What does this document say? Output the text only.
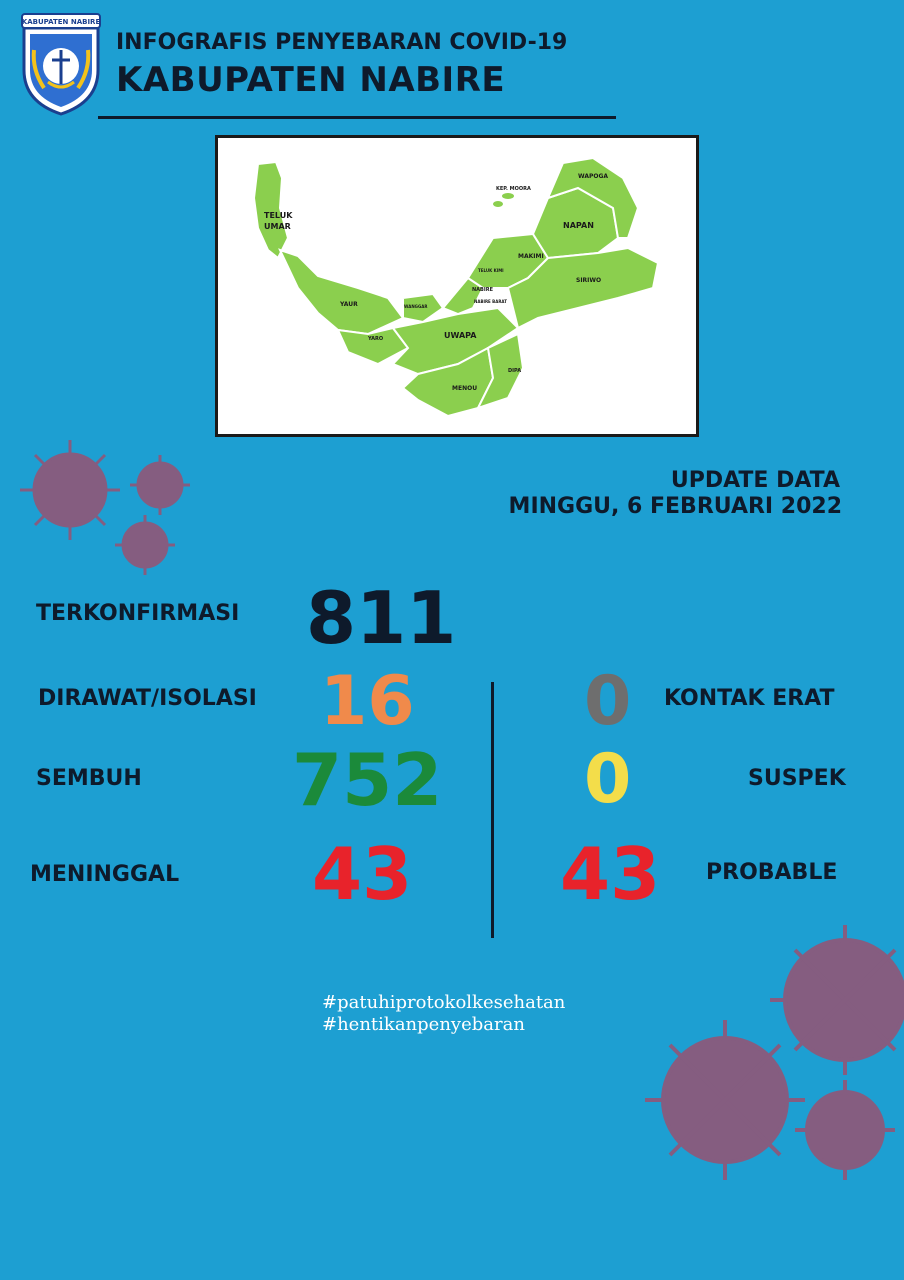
KABUPATEN NABIRE
INFOGRAFIS PENYEBARAN COVID-19
KABUPATEN NABIRE
KEP. MOORA
WAPOGA
TELUK
UMAR	NAPAN
MAKIMI
SIRIWO
TELUK KIMI
NABIRE
NABIRE BARAT
WANGGAR
YAUR
YARO	UWAPA
DIPA
MENOU
UPDATE DATA
MINGGU, 6 FEBRUARI 2022
TERKONFIRMASI 811
DIRAWAT/ISOLASI 16
SEMBUH 752
MENINGGAL 43
0 KONTAK ERAT
0	SUSPEK
43 PROBABLE
#patuhiprotokolkesehatan
#hentikanpenyebaran
